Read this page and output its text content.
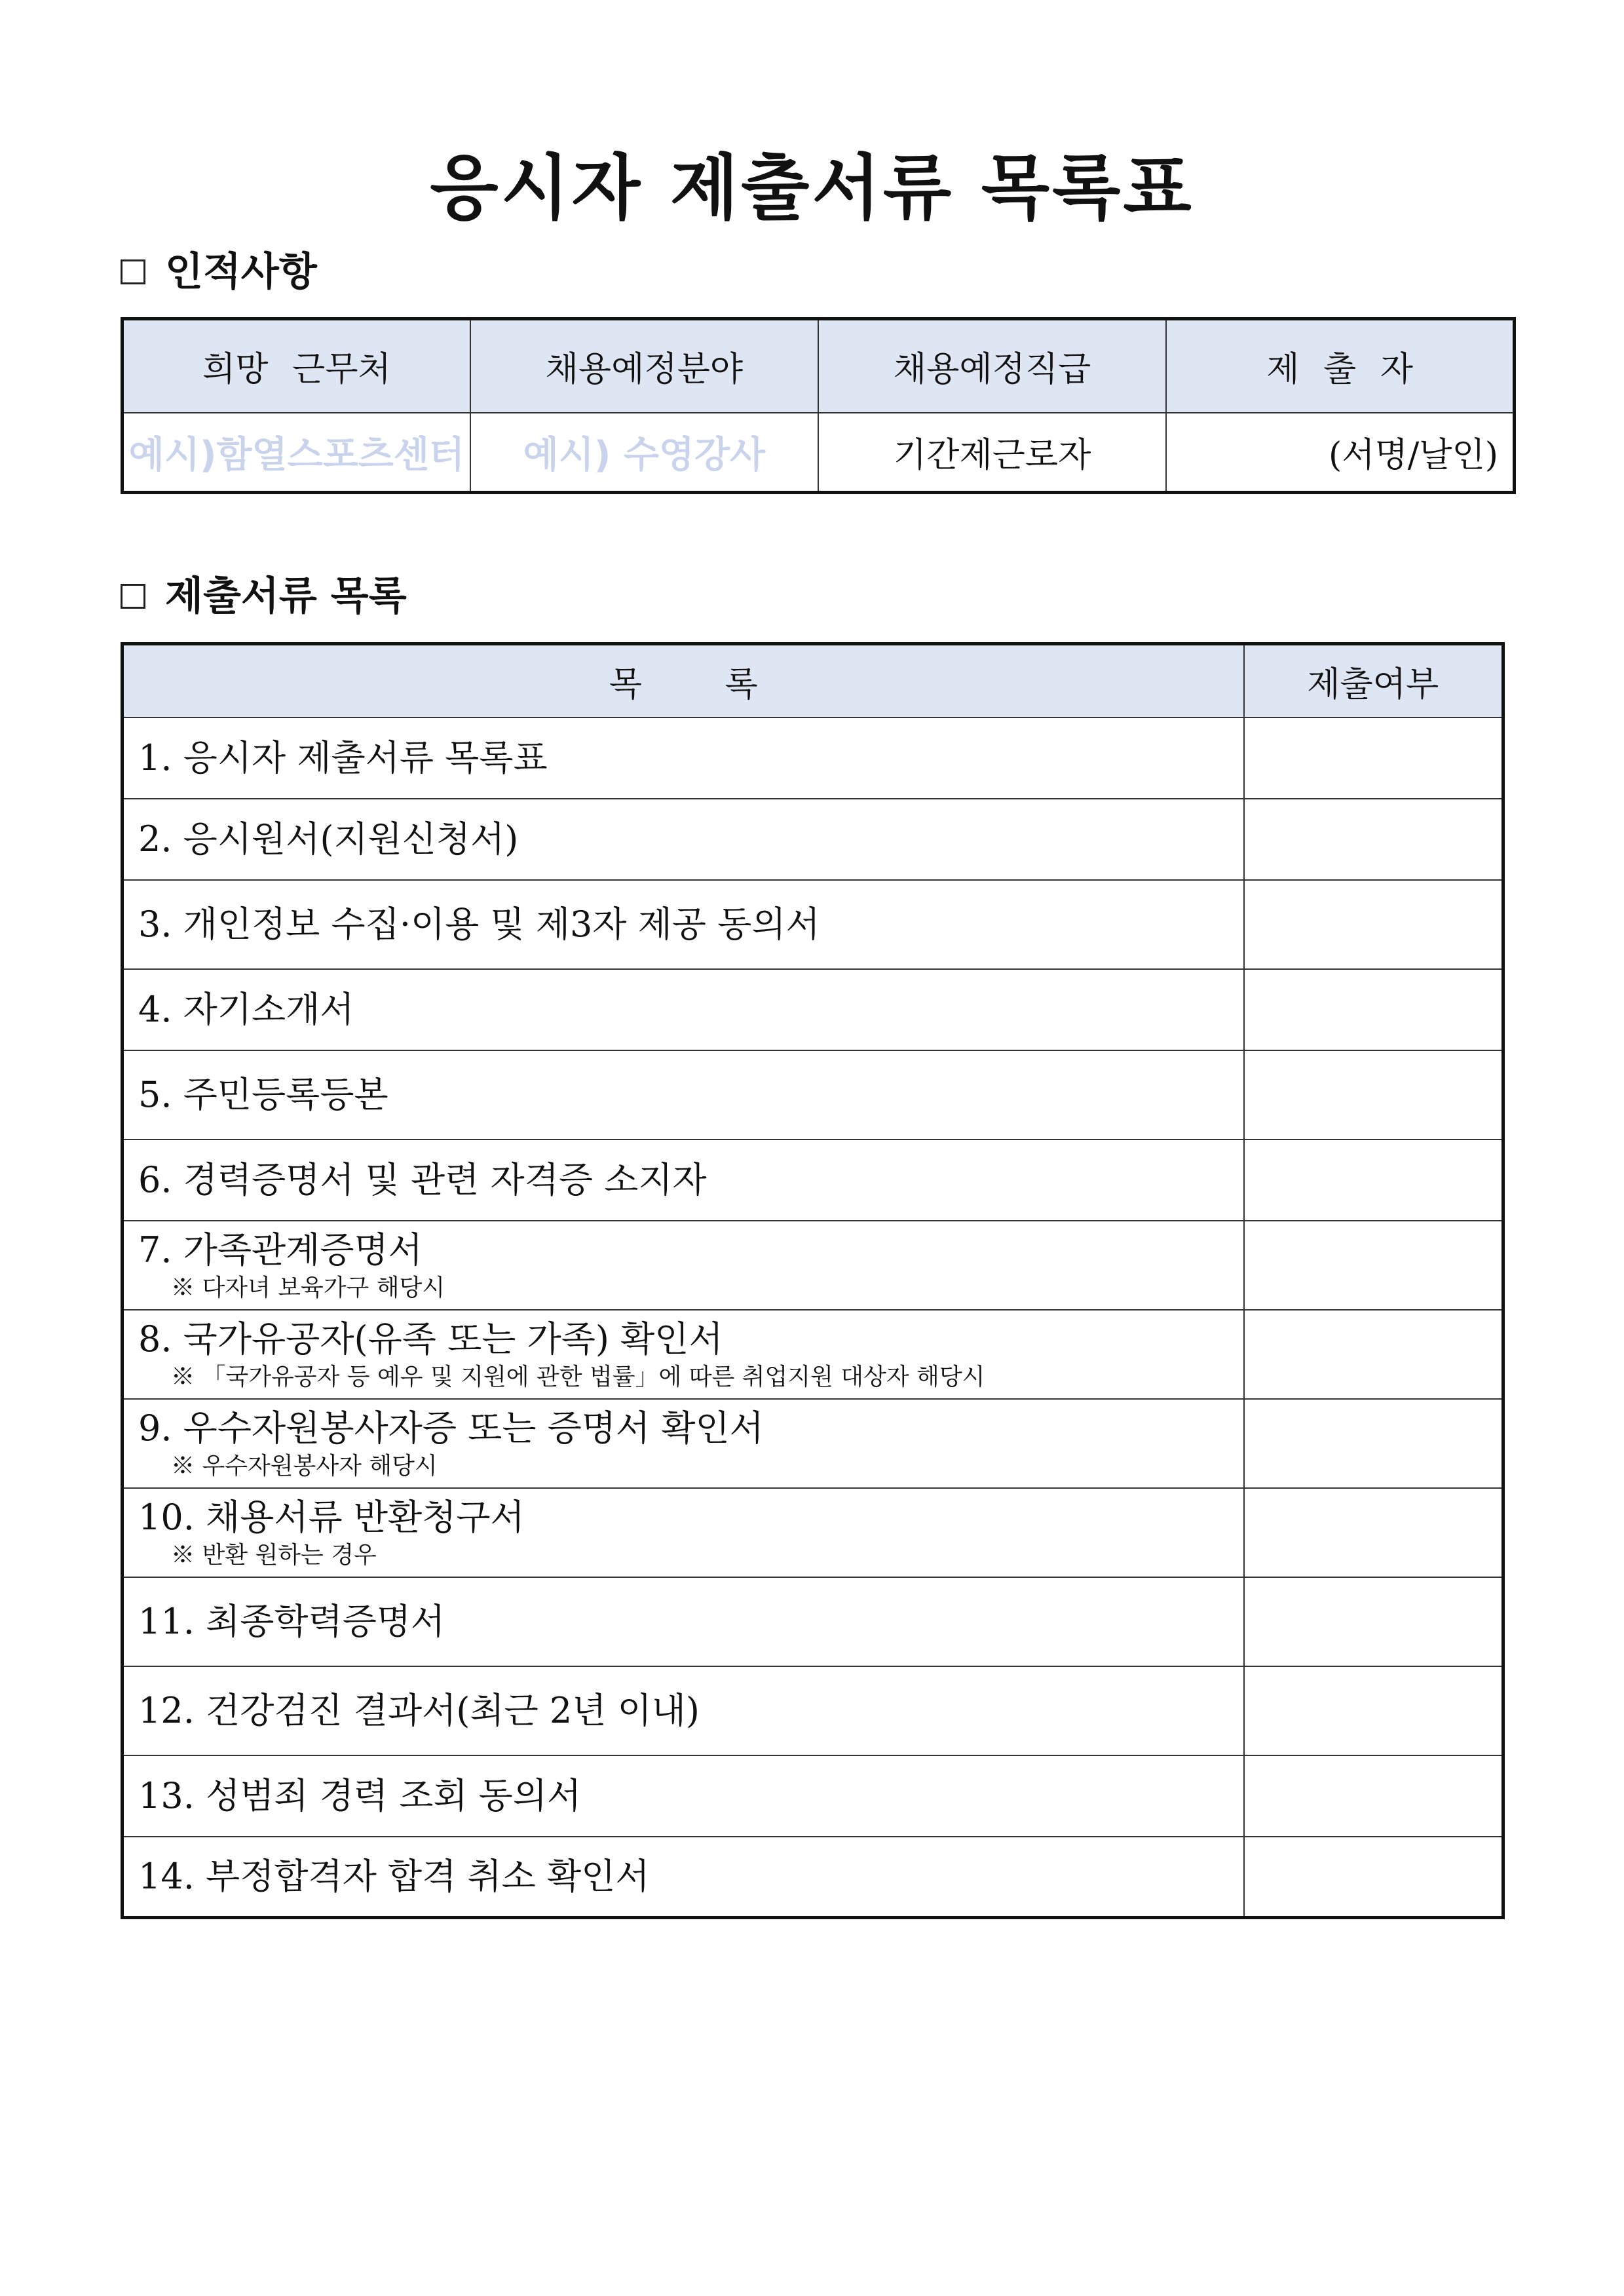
응시자 제출서류 목록표
인적사항
희망 근무처	채용예정분야	채용예정직급	제 출 자
예시)함열스포츠센터	예시) 수영강사	기간제근로자	(서명/날인)
제출서류 목록
목 록	제출여부
1. 응시자 제출서류 목록표	
2. 응시원서(지원신청서)	
3. 개인정보 수집·이용 및 제3자 제공 동의서	
4. 자기소개서	
5. 주민등록등본	
6. 경력증명서 및 관련 자격증 소지자	
7. 가족관계증명서
※ 다자녀 보육가구 해당시	

8. 국가유공자(유족 또는 가족) 확인서
※ 「국가유공자 등 예우 및 지원에 관한 법률」에 따른 취업지원 대상자 해당시	

9. 우수자원봉사자증 또는 증명서 확인서
※ 우수자원봉사자 해당시	

10. 채용서류 반환청구서
※ 반환 원하는 경우	

11. 최종학력증명서	
12. 건강검진 결과서(최근 2년 이내)	
13. 성범죄 경력 조회 동의서	
14. 부정합격자 합격 취소 확인서	
